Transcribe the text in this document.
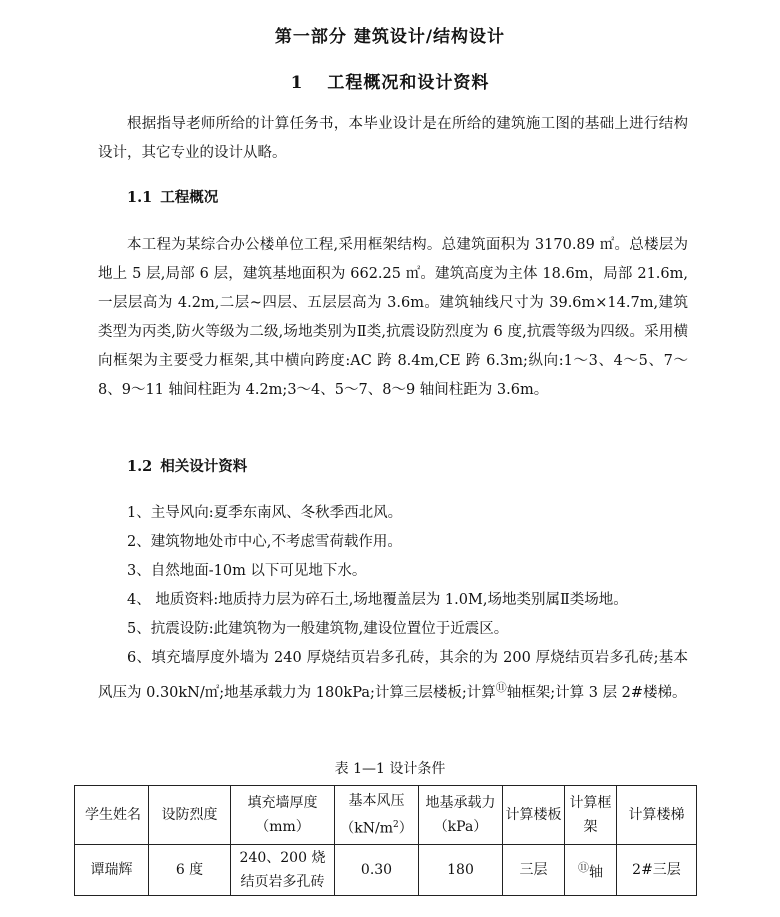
第一部分 建筑设计/结构设计
1 工程概况和设计资料

根据指导老师所给的计算任务书，本毕业设计是在所给的建筑施工图的基础上进行结构设计，其它专业的设计从略。

1.1 工程概况

本工程为某综合办公楼单位工程,采用框架结构。总建筑面积为 3170.89 ㎡。总楼层为地上 5 层,局部 6 层，建筑基地面积为 662.25 ㎡。建筑高度为主体 18.6m，局部 21.6m,一层层高为 4.2m,二层~四层、五层层高为 3.6m。建筑轴线尺寸为 39.6m×14.7m,建筑类型为丙类,防火等级为二级,场地类别为Ⅱ类,抗震设防烈度为 6 度,抗震等级为四级。采用横向框架为主要受力框架,其中横向跨度:AC 跨 8.4m,CE 跨 6.3m;纵向:1～3、4～5、7～8、9～11 轴间柱距为 4.2m;3～4、5～7、8～9 轴间柱距为 3.6m。

1.2 相关设计资料
1、主导风向:夏季东南风、冬秋季西北风。
2、建筑物地处市中心,不考虑雪荷载作用。
3、自然地面-10m 以下可见地下水。
4、 地质资料:地质持力层为碎石土,场地覆盖层为 1.0M,场地类别属Ⅱ类场地。
5、抗震设防:此建筑物为一般建筑物,建设位置位于近震区。

6、填充墙厚度外墙为 240 厚烧结页岩多孔砖，其余的为 200 厚烧结页岩多孔砖;基本风压为 0.30kN/㎡;地基承载力为 180kPa;计算三层楼板;计算⑪轴框架;计算 3 层 2#楼梯。

表 1—1 设计条件
学生姓名	设防烈度	填充墙厚度（mm）	基本风压$(kN/m^2)$	地基承载力（kPa）	计算楼板	计算框架	计算楼梯
谭瑞辉	6 度	240、200 烧结页岩多孔砖	0.30	180	三层	⑪轴	2#三层
